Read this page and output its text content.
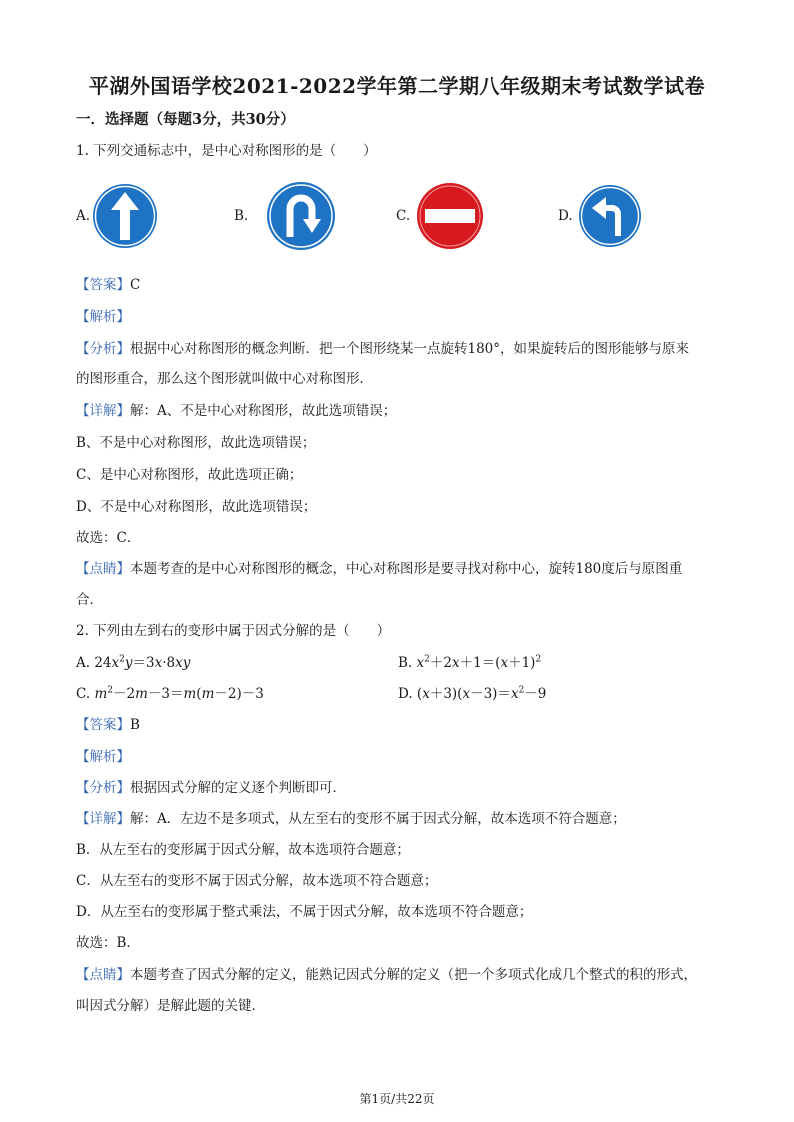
平湖外国语学校2021-2022学年第二学期八年级期末考试数学试卷
一．选择题（每题3分，共30分）
1. 下列交通标志中，是中心对称图形的是（　　）
A.	B.	C.	D.
【答案】C
【解析】
【分析】根据中心对称图形的概念判断．把一个图形绕某一点旋转180°，如果旋转后的图形能够与原来
的图形重合，那么这个图形就叫做中心对称图形．
【详解】解：A、不是中心对称图形，故此选项错误；
B、不是中心对称图形，故此选项错误；
C、是中心对称图形，故此选项正确；
D、不是中心对称图形，故此选项错误；
故选：C．
【点睛】本题考查的是中心对称图形的概念，中心对称图形是要寻找对称中心，旋转180度后与原图重
合．
2. 下列由左到右的变形中属于因式分解的是（　　）
A. $24x^2y=3x\cdot 8xy$	B. $x^2+2x+1=(x+1)^2$
C. $m^2-2m-3=m(m-2)-3$	D. $(x+3)(x-3)=x^2-9$
【答案】B
【解析】
【分析】根据因式分解的定义逐个判断即可．
【详解】解：A．左边不是多项式，从左至右的变形不属于因式分解，故本选项不符合题意；
B．从左至右的变形属于因式分解，故本选项符合题意；
C．从左至右的变形不属于因式分解，故本选项不符合题意；
D．从左至右的变形属于整式乘法，不属于因式分解，故本选项不符合题意；
故选：B．
【点睛】本题考查了因式分解的定义，能熟记因式分解的定义（把一个多项式化成几个整式的积的形式，
叫因式分解）是解此题的关键．
第1页/共22页
